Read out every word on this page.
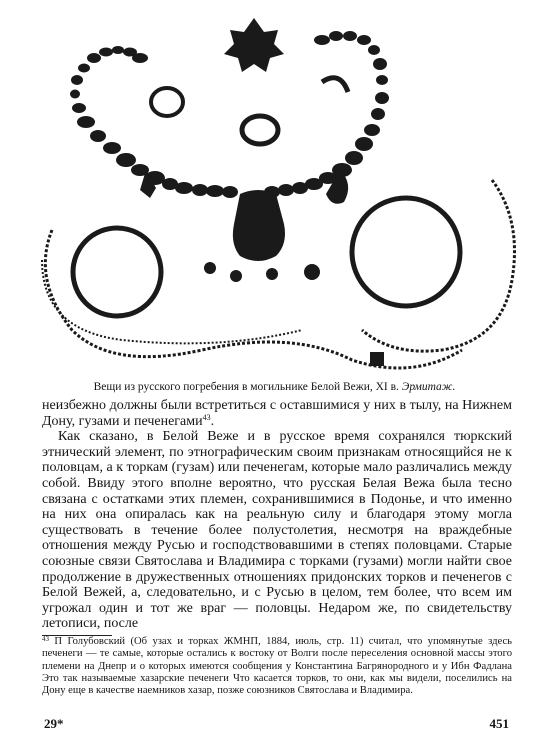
Вещи из русского погребения в могильнике Белой Вежи, XI в. Эрмитаж.

неизбежно должны были встретиться с оставшимися у них в тылу, на Нижнем Дону, гузами и печенегами$^{43}$.

Как сказано, в Белой Веже и в русское время сохранялся тюркский этнический элемент, по этнографическим своим признакам относящийся не к половцам, а к торкам (гузам) или печенегам, которые мало различались между собой. Ввиду этого вполне вероятно, что русская Белая Вежа была тесно связана с остатками этих племен, сохранившимися в Подонье, и что именно на них она опиралась как на реальную силу и благодаря этому могла существовать в течение более полустолетия, несмотря на враждебные отношения между Русью и господствовавшими в степях половцами. Старые союзные связи Святослава и Владимира с торками (гузами) могли найти свое продолжение в дружественных отношениях придонских торков и печенегов с Белой Вежей, а, следовательно, и с Русью в целом, тем более, что всем им угрожал один и тот же враг — половцы. Недаром же, по свидетельству летописи, после

$^{43}$ П Голубовский (Об узах и торках ЖМНП, 1884, июль, стр. 11) считал, что упомянутые здесь печенеги — те самые, которые остались к востоку от Волги после переселения основной массы этого племени на Днепр и о которых имеются сообщения у Константина Багрянородного и у Ибн Фадлана Это так называемые хазарские печенеги Что касается торков, то они, как мы видели, поселились на Дону еще в качестве наемников хазар, позже союзников Святослава и Владимира.
29*	451
